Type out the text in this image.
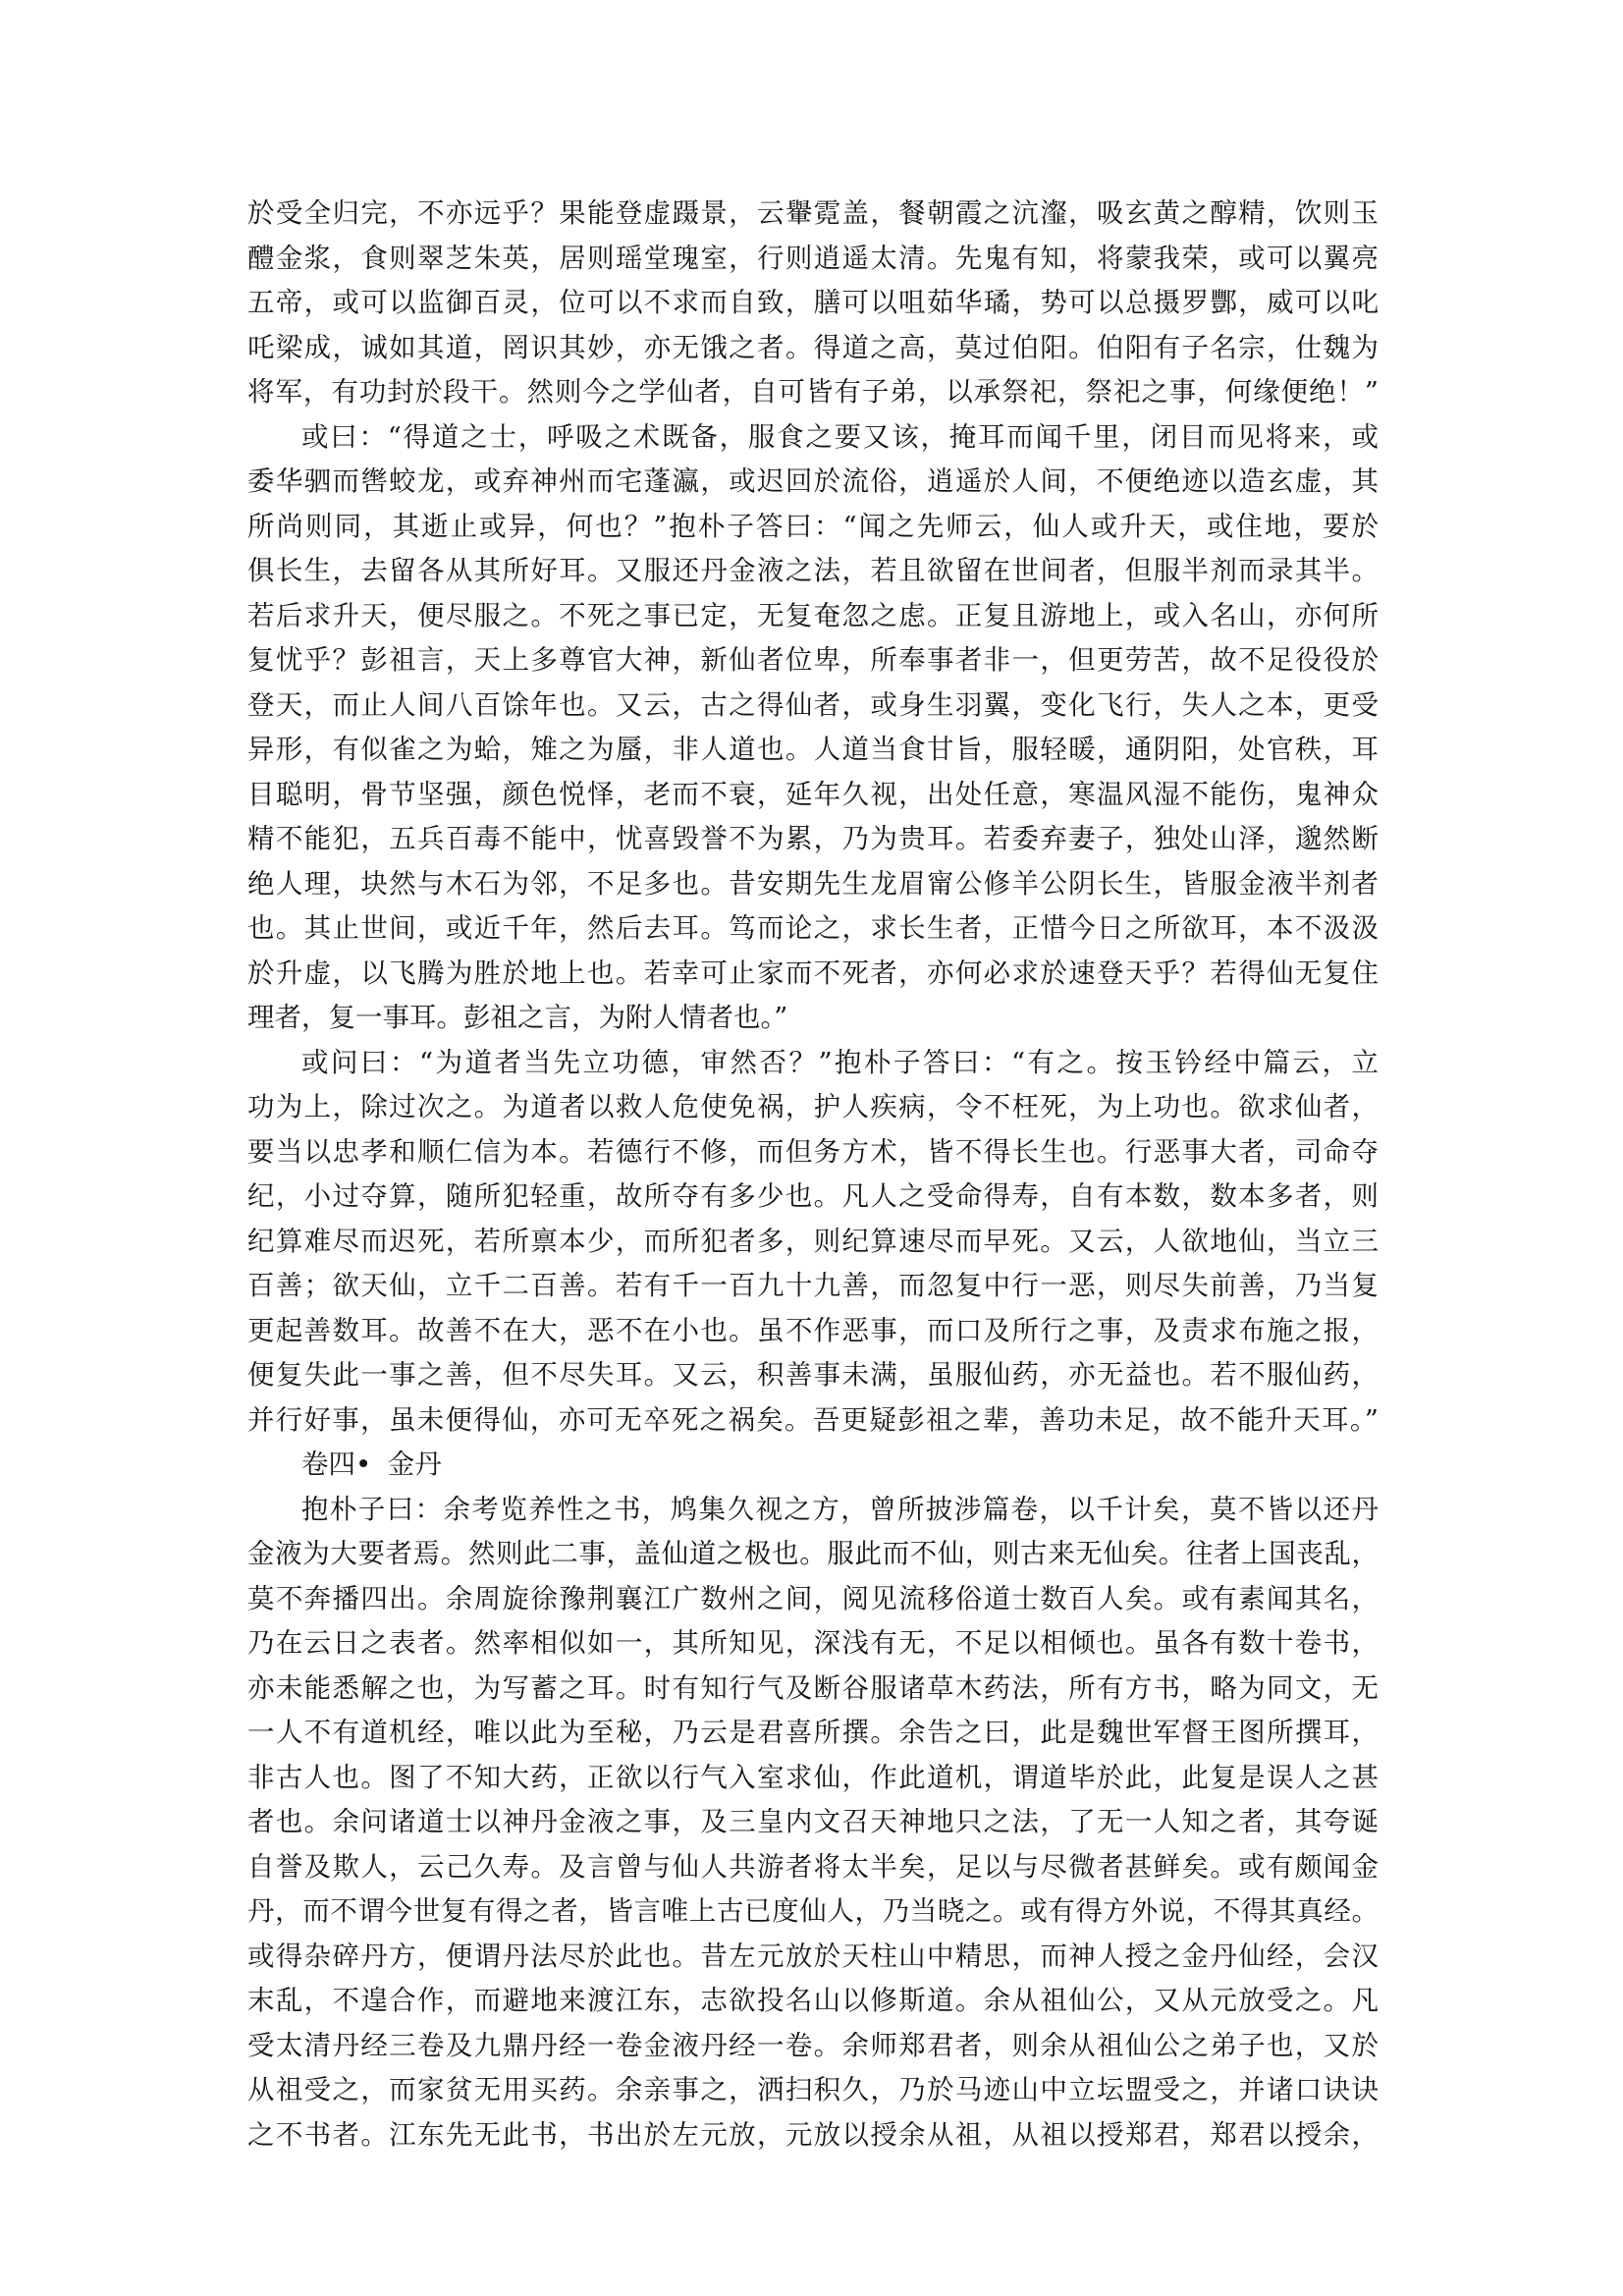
於受全归完，不亦远乎？果能登虚蹑景，云轝霓盖，餐朝霞之沆瀣，吸玄黄之醇精，饮则玉
醴金浆，食则翠芝朱英，居则瑶堂瑰室，行则逍遥太清。先鬼有知，将蒙我荣，或可以翼亮
五帝，或可以监御百灵，位可以不求而自致，膳可以咀茹华璚，势可以总摄罗酆，威可以叱
吒梁成，诚如其道，罔识其妙，亦无饿之者。得道之高，莫过伯阳。伯阳有子名宗，仕魏为
将军，有功封於段干。然则今之学仙者，自可皆有子弟，以承祭祀，祭祀之事，何缘便绝！”
或曰：“得道之士，呼吸之术既备，服食之要又该，掩耳而闻千里，闭目而见将来，或
委华驷而辔蛟龙，或弃神州而宅蓬瀛，或迟回於流俗，逍遥於人间，不便绝迹以造玄虚，其
所尚则同，其逝止或异，何也？”抱朴子答曰：“闻之先师云，仙人或升天，或住地，要於
俱长生，去留各从其所好耳。又服还丹金液之法，若且欲留在世间者，但服半剂而录其半。
若后求升天，便尽服之。不死之事已定，无复奄忽之虑。正复且游地上，或入名山，亦何所
复忧乎？彭祖言，天上多尊官大神，新仙者位卑，所奉事者非一，但更劳苦，故不足役役於
登天，而止人间八百馀年也。又云，古之得仙者，或身生羽翼，变化飞行，失人之本，更受
异形，有似雀之为蛤，雉之为蜃，非人道也。人道当食甘旨，服轻暖，通阴阳，处官秩，耳
目聪明，骨节坚强，颜色悦怿，老而不衰，延年久视，出处任意，寒温风湿不能伤，鬼神众
精不能犯，五兵百毒不能中，忧喜毁誉不为累，乃为贵耳。若委弃妻子，独处山泽，邈然断
绝人理，块然与木石为邻，不足多也。昔安期先生龙眉甯公修羊公阴长生，皆服金液半剂者
也。其止世间，或近千年，然后去耳。笃而论之，求长生者，正惜今日之所欲耳，本不汲汲
於升虚，以飞腾为胜於地上也。若幸可止家而不死者，亦何必求於速登天乎？若得仙无复住
理者，复一事耳。彭祖之言，为附人情者也。”
或问曰：“为道者当先立功德，审然否？”抱朴子答曰：“有之。按玉钤经中篇云，立
功为上，除过次之。为道者以救人危使免祸，护人疾病，令不枉死，为上功也。欲求仙者，
要当以忠孝和顺仁信为本。若德行不修，而但务方术，皆不得长生也。行恶事大者，司命夺
纪，小过夺算，随所犯轻重，故所夺有多少也。凡人之受命得寿，自有本数，数本多者，则
纪算难尽而迟死，若所禀本少，而所犯者多，则纪算速尽而早死。又云，人欲地仙，当立三
百善；欲天仙，立千二百善。若有千一百九十九善，而忽复中行一恶，则尽失前善，乃当复
更起善数耳。故善不在大，恶不在小也。虽不作恶事，而口及所行之事，及责求布施之报，
便复失此一事之善，但不尽失耳。又云，积善事未满，虽服仙药，亦无益也。若不服仙药，
并行好事，虽未便得仙，亦可无卒死之祸矣。吾更疑彭祖之辈，善功未足，故不能升天耳。”
卷四• 金丹
抱朴子曰：余考览养性之书，鸠集久视之方，曾所披涉篇卷，以千计矣，莫不皆以还丹
金液为大要者焉。然则此二事，盖仙道之极也。服此而不仙，则古来无仙矣。往者上国丧乱，
莫不奔播四出。余周旋徐豫荆襄江广数州之间，阅见流移俗道士数百人矣。或有素闻其名，
乃在云日之表者。然率相似如一，其所知见，深浅有无，不足以相倾也。虽各有数十卷书，
亦未能悉解之也，为写蓄之耳。时有知行气及断谷服诸草木药法，所有方书，略为同文，无
一人不有道机经，唯以此为至秘，乃云是君喜所撰。余告之曰，此是魏世军督王图所撰耳，
非古人也。图了不知大药，正欲以行气入室求仙，作此道机，谓道毕於此，此复是误人之甚
者也。余问诸道士以神丹金液之事，及三皇内文召天神地只之法，了无一人知之者，其夸诞
自誉及欺人，云己久寿。及言曾与仙人共游者将太半矣，足以与尽微者甚鲜矣。或有颇闻金
丹，而不谓今世复有得之者，皆言唯上古已度仙人，乃当晓之。或有得方外说，不得其真经。
或得杂碎丹方，便谓丹法尽於此也。昔左元放於天柱山中精思，而神人授之金丹仙经，会汉
末乱，不遑合作，而避地来渡江东，志欲投名山以修斯道。余从祖仙公，又从元放受之。凡
受太清丹经三卷及九鼎丹经一卷金液丹经一卷。余师郑君者，则余从祖仙公之弟子也，又於
从祖受之，而家贫无用买药。余亲事之，洒扫积久，乃於马迹山中立坛盟受之，并诸口诀诀
之不书者。江东先无此书，书出於左元放，元放以授余从祖，从祖以授郑君，郑君以授余，
